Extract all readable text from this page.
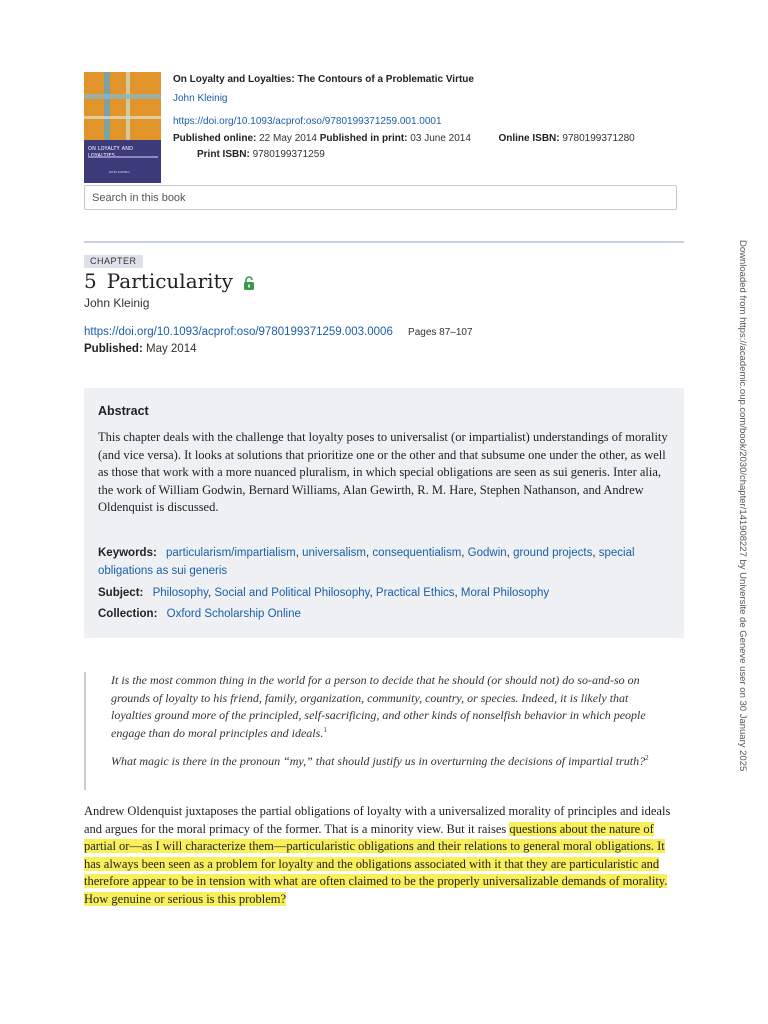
ON LOYALTY AND
JOHN KLEINIG
On Loyalty and Loyalties: The Contours of a Problematic Virtue
John Kleinig
https://doi.org/10.1093/acprof:oso/9780199371259.001.0001
Published online: 22 May 2014 Published in print: 03 June 2014	Online ISBN: 9780199371280
Print ISBN: 9780199371259
Search in this book
CHAPTER
5 Particularity
John Kleinig
https://doi.org/10.1093/acprof:oso/9780199371259.003.0006 Pages 87–107
Published: May 2014
Abstract
This chapter deals with the challenge that loyalty poses to universalist (or impartialist) understandings of morality (and vice versa). It looks at solutions that prioritize one or the other and that subsume one under the other, as well as those that work with a more nuanced pluralism, in which special obligations are seen as sui generis. Inter alia, the work of William Godwin, Bernard Williams, Alan Gewirth, R. M. Hare, Stephen Nathanson, and Andrew Oldenquist is discussed.
Keywords: particularism/impartialism, universalism, consequentialism, Godwin, ground projects, special obligations as sui generis
Subject: Philosophy, Social and Political Philosophy, Practical Ethics, Moral Philosophy
Collection: Oxford Scholarship Online
It is the most common thing in the world for a person to decide that he should (or should not) do so-and-so on grounds of loyalty to his friend, family, organization, community, country, or species. Indeed, it is likely that loyalties ground more of the principled, self-sacrificing, and other kinds of nonselfish behavior in which people engage than do moral principles and ideals.$^1$
What magic is there in the pronoun “my,” that should justify us in overturning the decisions of impartial truth?$^2$
Andrew Oldenquist juxtaposes the partial obligations of loyalty with a universalized morality of principles and ideals and argues for the moral primacy of the former. That is a minority view. But it raises questions about the nature of partial or—as I will characterize them—particularistic obligations and their relations to general moral obligations. It has always been seen as a problem for loyalty and the obligations associated with it that they are particularistic and therefore appear to be in tension with what are often claimed to be the properly universalizable demands of morality. How genuine or serious is this problem?
Downloaded from https://academic.oup.com/book/2030/chapter/141908227 by Universite de Geneve user on 30 January 2025
